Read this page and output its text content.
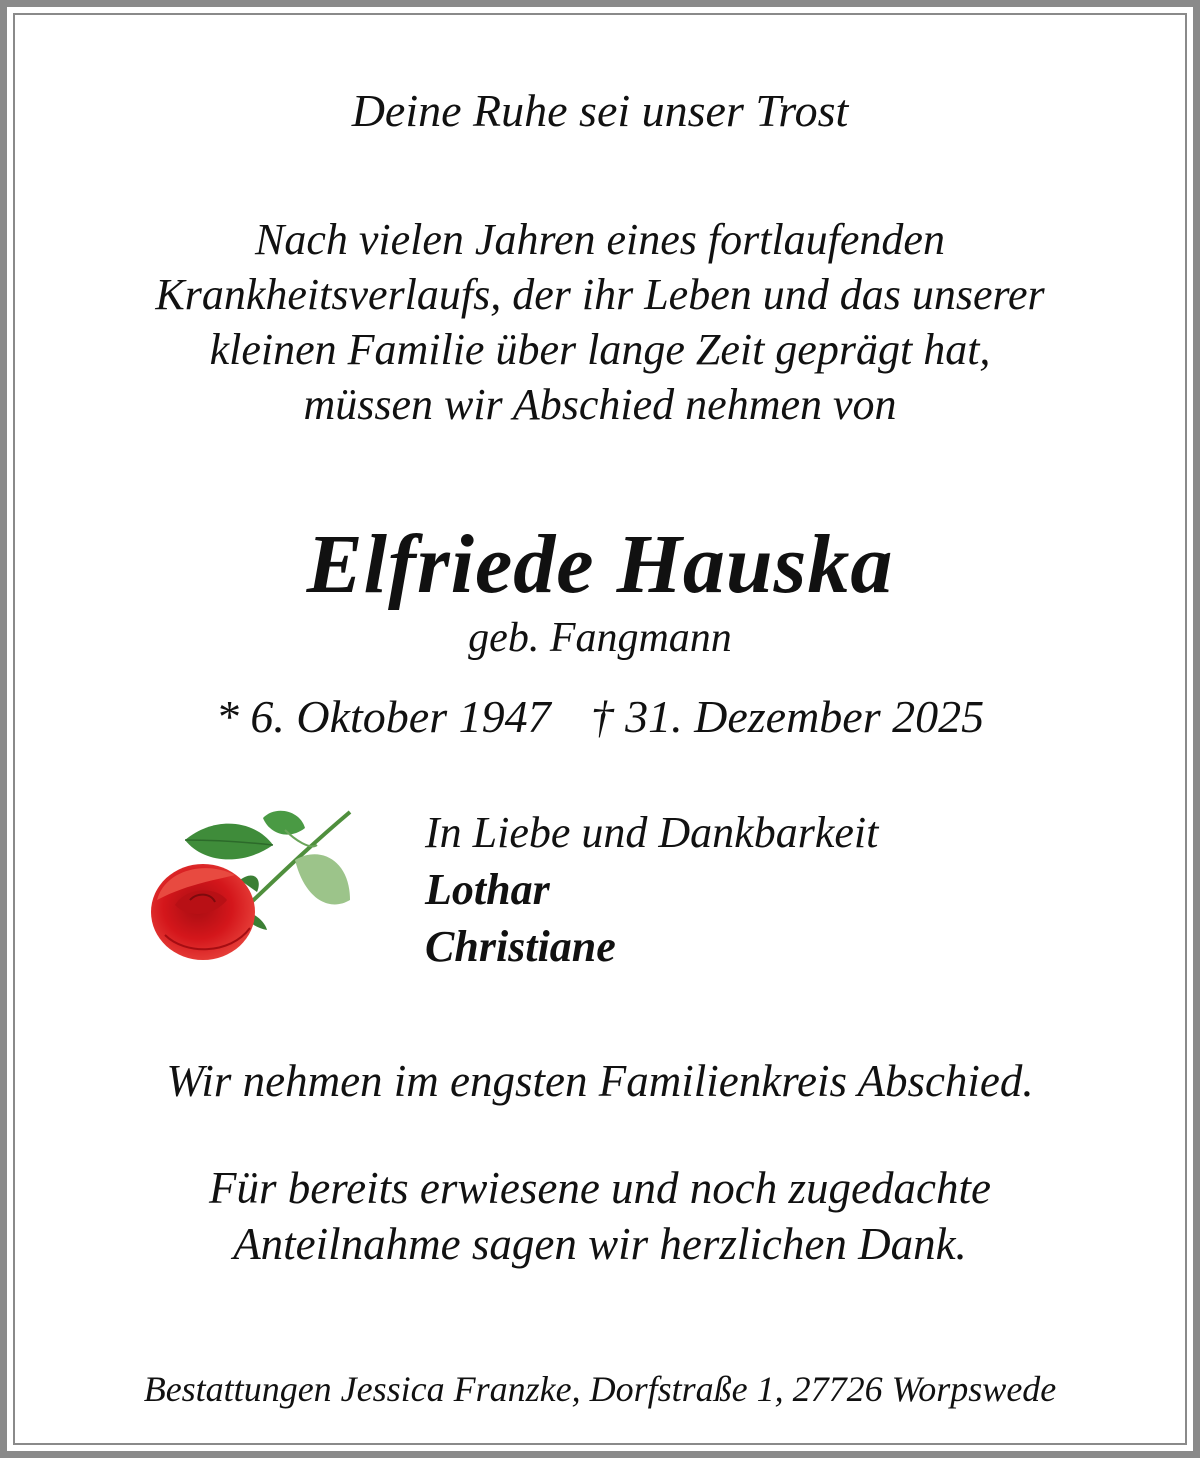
Deine Ruhe sei unser Trost
Nach vielen Jahren eines fortlaufenden
Krankheitsverlaufs, der ihr Leben und das unserer
kleinen Familie über lange Zeit geprägt hat,
müssen wir Abschied nehmen von
Elfriede Hauska
geb. Fangmann
* 6. Oktober 1947 † 31. Dezember 2025
In Liebe und Dankbarkeit
Lothar
Christiane
Wir nehmen im engsten Familienkreis Abschied.
Für bereits erwiesene und noch zugedachte
Anteilnahme sagen wir herzlichen Dank.
Bestattungen Jessica Franzke, Dorfstraße 1, 27726 Worpswede
